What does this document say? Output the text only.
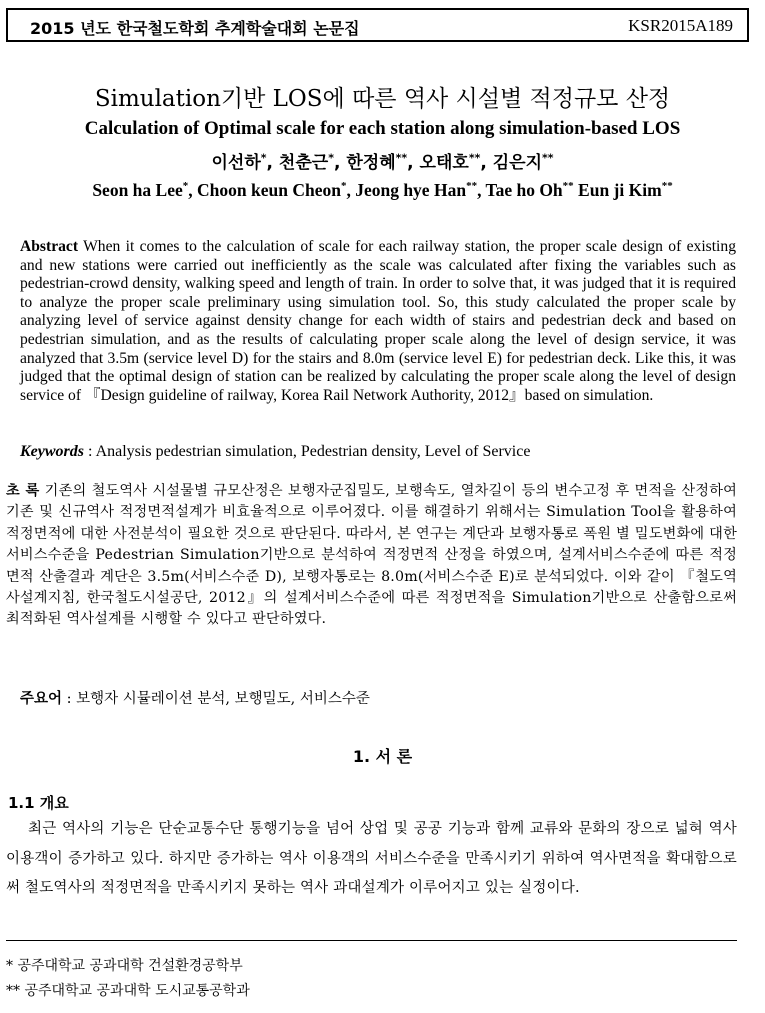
2015 년도 한국철도학회 추계학술대회 논문집	KSR2015A189
Simulation기반 LOS에 따른 역사 시설별 적정규모 산정
Calculation of Optimal scale for each station along simulation-based LOS
이선하*, 천춘근*, 한정혜**, 오태호**, 김은지**
Seon ha Lee*, Choon keun Cheon*, Jeong hye Han**, Tae ho Oh** Eun ji Kim**
Abstract When it comes to the calculation of scale for each railway station, the proper scale design of existing and new stations were carried out inefficiently as the scale was calculated after fixing the variables such as pedestrian-crowd density, walking speed and length of train. In order to solve that, it was judged that it is required to analyze the proper scale preliminary using simulation tool. So, this study calculated the proper scale by analyzing level of service against density change for each width of stairs and pedestrian deck and based on pedestrian simulation, and as the results of calculating proper scale along the level of design service, it was analyzed that 3.5m (service level D) for the stairs and 8.0m (service level E) for pedestrian deck. Like this, it was judged that the optimal design of station can be realized by calculating the proper scale along the level of design service of 『Design guideline of railway, Korea Rail Network Authority, 2012』based on simulation.
Keywords : Analysis pedestrian simulation, Pedestrian density, Level of Service
초 록 기존의 철도역사 시설물별 규모산정은 보행자군집밀도, 보행속도, 열차길이 등의 변수고정 후 면적을 산정하여 기존 및 신규역사 적정면적설계가 비효율적으로 이루어졌다. 이를 해결하기 위해서는 Simulation Tool을 활용하여 적정면적에 대한 사전분석이 필요한 것으로 판단된다. 따라서, 본 연구는 계단과 보행자통로 폭원 별 밀도변화에 대한 서비스수준을 Pedestrian Simulation기반으로 분석하여 적정면적 산정을 하였으며, 설계서비스수준에 따른 적정면적 산출결과 계단은 3.5m(서비스수준 D), 보행자통로는 8.0m(서비스수준 E)로 분석되었다. 이와 같이 『철도역사설계지침, 한국철도시설공단, 2012』의 설계서비스수준에 따른 적정면적을 Simulation기반으로 산출함으로써 최적화된 역사설계를 시행할 수 있다고 판단하였다.
주요어 : 보행자 시뮬레이션 분석, 보행밀도, 서비스수준
1. 서 론
1.1 개요
최근 역사의 기능은 단순교통수단 통행기능을 넘어 상업 및 공공 기능과 함께 교류와 문화의 장으로 넓혀 역사 이용객이 증가하고 있다. 하지만 증가하는 역사 이용객의 서비스수준을 만족시키기 위하여 역사면적을 확대함으로써 철도역사의 적정면적을 만족시키지 못하는 역사 과대설계가 이루어지고 있는 실정이다.
* 공주대학교 공과대학 건설환경공학부
** 공주대학교 공과대학 도시교통공학과
